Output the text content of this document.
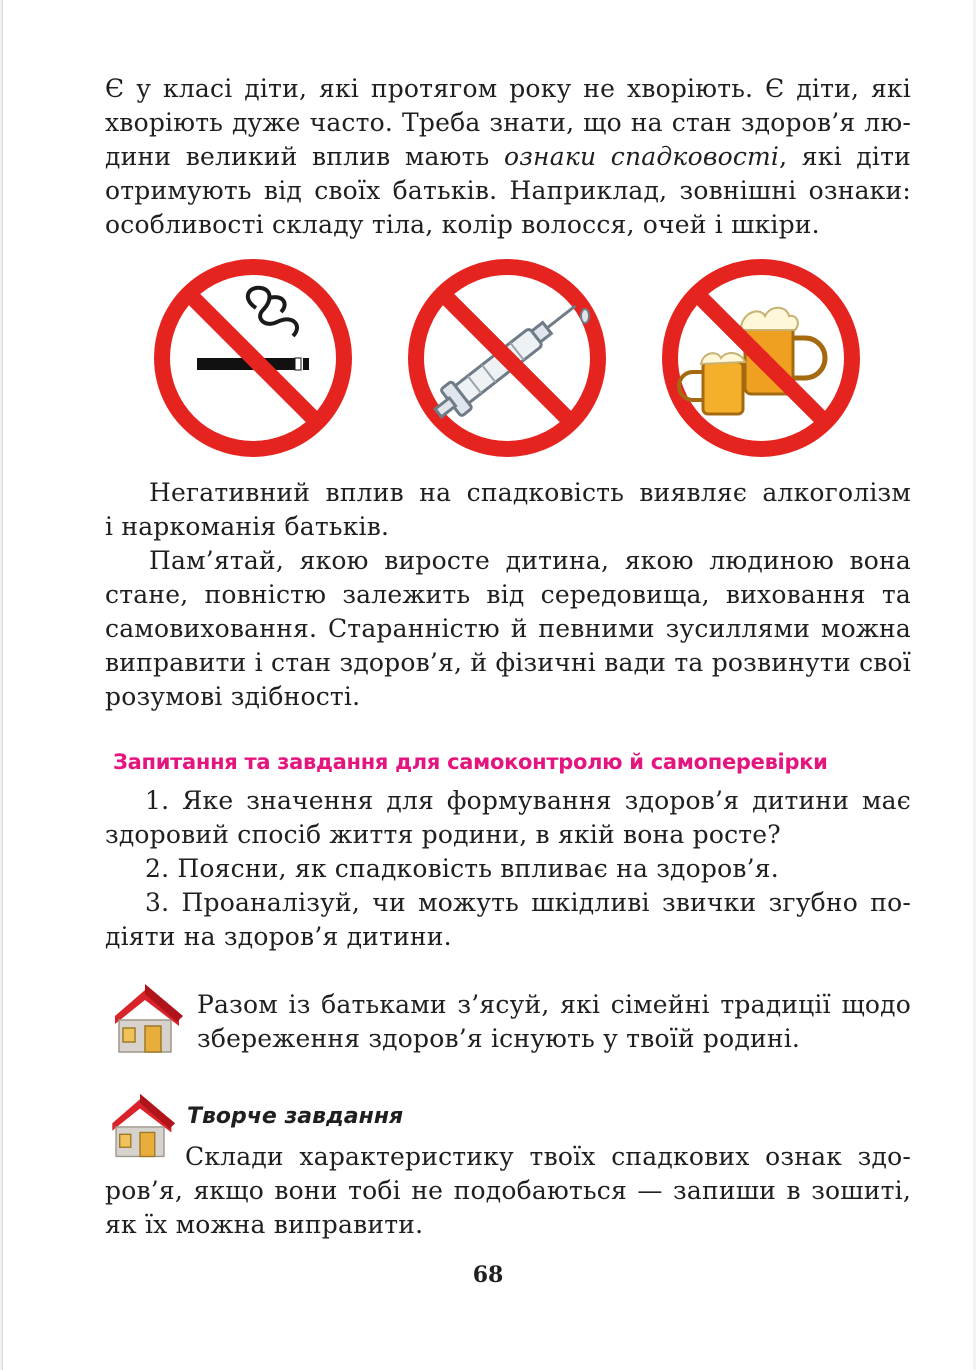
Є у класі діти, які протягом року не хворіють. Є діти, які
хворіють дуже часто. Треба знати, що на стан здоров’я лю-
дини великий вплив мають ознаки спадковості, які діти
отримують від своїх батьків. Наприклад, зовнішні ознаки:
особливості складу тіла, колір волосся, очей і шкіри.
Негативний вплив на спадковість виявляє алкоголізм
і наркоманія батьків.
Пам’ятай, якою виросте дитина, якою людиною вона
стане, повністю залежить від середовища, виховання та
самовиховання. Старанністю й певними зусиллями можна
виправити і стан здоров’я, й фізичні вади та розвинути свої
розумові здібності.
Запитання та завдання для самоконтролю й самоперевірки
1. Яке значення для формування здоров’я дитини має
здоровий спосіб життя родини, в якій вона росте?
2. Поясни, як спадковість впливає на здоров’я.
3. Проаналізуй, чи можуть шкідливі звички згубно по-
діяти на здоров’я дитини.
Разом із батьками з’ясуй, які сімейні традиції щодо
збереження здоров’я існують у твоїй родині.
Творче завдання
Склади характеристику твоїх спадкових ознак здо-
ров’я, якщо вони тобі не подобаються — запиши в зошиті,
як їх можна виправити.
68
